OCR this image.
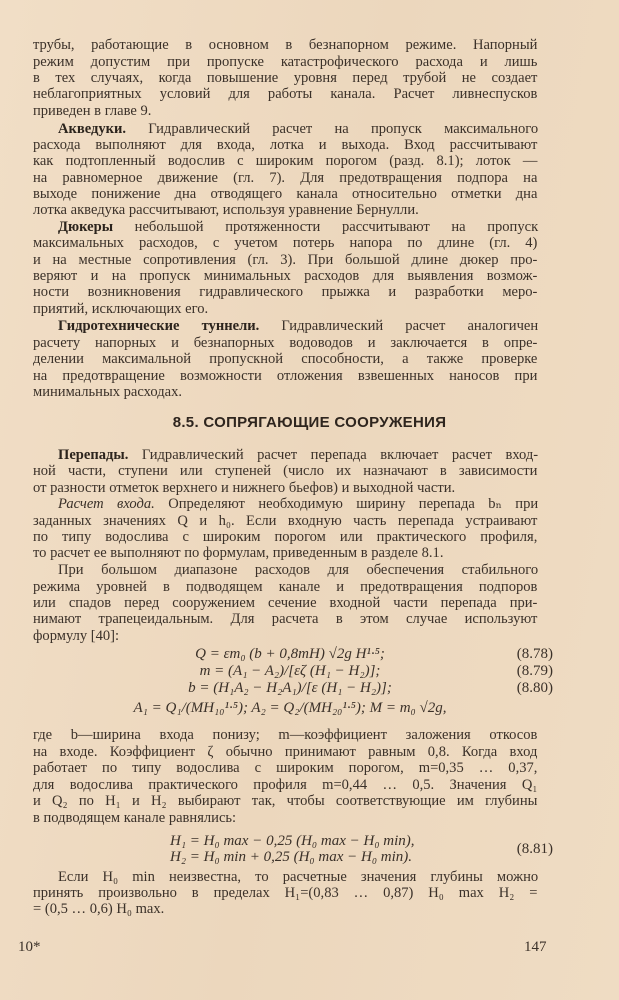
трубы, работающие в основном в безнапорном режиме. Напорный
режим допустим при пропуске катастрофического расхода и лишь
в тех случаях, когда повышение уровня перед трубой не создает
неблагоприятных условий для работы канала. Расчет ливнеспусков
приведен в главе 9.
Акведуки. Гидравлический расчет на пропуск максимального
расхода выполняют для входа, лотка и выхода. Вход рассчитывают
как подтопленный водослив с широким порогом (разд. 8.1); лоток —
на равномерное движение (гл. 7). Для предотвращения подпора на
выходе понижение дна отводящего канала относительно отметки дна
лотка акведука рассчитывают, используя уравнение Бернулли.
Дюкеры небольшой протяженности рассчитывают на пропуск
максимальных расходов, с учетом потерь напора по длине (гл. 4)
и на местные сопротивления (гл. 3). При большой длине дюкер про-
веряют и на пропуск минимальных расходов для выявления возмож-
ности возникновения гидравлического прыжка и разработки меро-
приятий, исключающих его.
Гидротехнические туннели. Гидравлический расчет аналогичен
расчету напорных и безнапорных водоводов и заключается в опре-
делении максимальной пропускной способности, а также проверке
на предотвращение возможности отложения взвешенных наносов при
минимальных расходах.
Перепады. Гидравлический расчет перепада включает расчет вход-
ной части, ступени или ступеней (число их назначают в зависимости
от разности отметок верхнего и нижнего бьефов) и выходной части.
Расчет входа. Определяют необходимую ширину перепада bₙ при
заданных значениях Q и h₀. Если входную часть перепада устраивают
по типу водослива с широким порогом или практического профиля,
то расчет ее выполняют по формулам, приведенным в разделе 8.1.
При большом диапазоне расходов для обеспечения стабильного
режима уровней в подводящем канале и предотвращения подпоров
или спадов перед сооружением сечение входной части перепада при-
нимают трапецеидальным. Для расчета в этом случае используют
формулу [40]:
где b—ширина входа понизу; m—коэффициент заложения откосов
на входе. Коэффициент ζ обычно принимают равным 0,8. Когда вход
работает по типу водослива с широким порогом, m=0,35 … 0,37,
для водослива практического профиля m=0,44 … 0,5. Значения Q₁
и Q₂ по H₁ и H₂ выбирают так, чтобы соответствующие им глубины
в подводящем канале равнялись:
Если H₀ min неизвестна, то расчетные значения глубины можно
принять произвольно в пределах H₁=(0,83 … 0,87) H₀ max H₂ =
= (0,5 … 0,6) H₀ max.
8.5. СОПРЯГАЮЩИЕ СООРУЖЕНИЯ
Q = εm₀ (b + 0,8mH) √2g H¹·⁵;	(8.78)
m = (A₁ − A₂)/[εζ (H₁ − H₂)];	(8.79)
b = (H₁A₂ − H₂A₁)/[ε (H₁ − H₂)];	(8.80)
A₁ = Q₁/(MH₁₀¹·⁵); A₂ = Q₂/(MH₂₀¹·⁵); M = m₀ √2g,
H₁ = H₀ max − 0,25 (H₀ max − H₀ min),
H₂ = H₀ min + 0,25 (H₀ max − H₀ min).	(8.81)
10*	147
